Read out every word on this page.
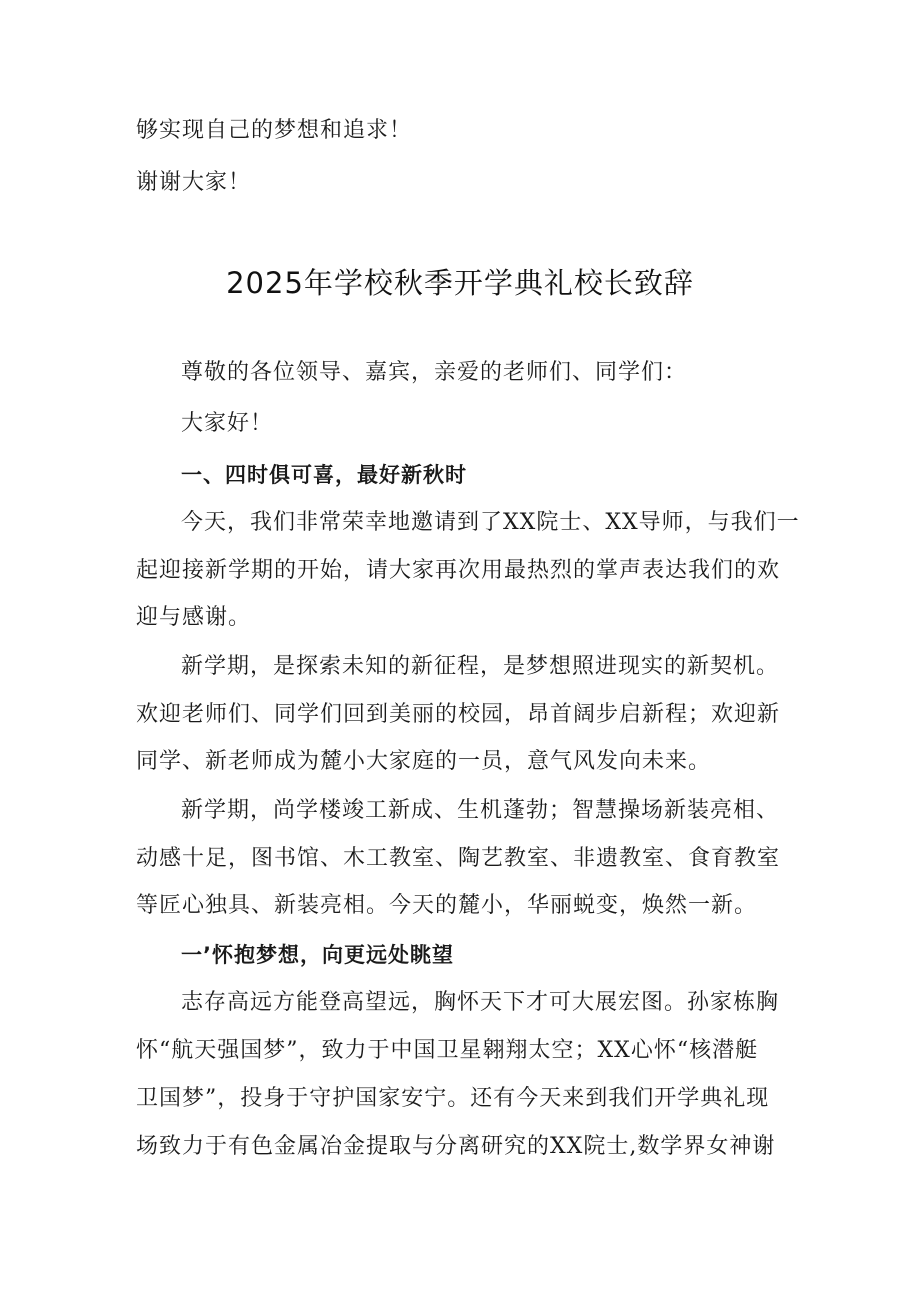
够实现自己的梦想和追求！
谢谢大家！
2025年学校秋季开学典礼校长致辞
尊敬的各位领导、嘉宾，亲爱的老师们、同学们：
大家好！
一、四时俱可喜，最好新秋时
今天，我们非常荣幸地邀请到了XX院士、XX导师，与我们一
起迎接新学期的开始，请大家再次用最热烈的掌声表达我们的欢
迎与感谢。
新学期，是探索未知的新征程，是梦想照进现实的新契机。
欢迎老师们、同学们回到美丽的校园，昂首阔步启新程；欢迎新
同学、新老师成为麓小大家庭的一员，意气风发向未来。
新学期，尚学楼竣工新成、生机蓬勃；智慧操场新装亮相、
动感十足，图书馆、木工教室、陶艺教室、非遗教室、食育教室
等匠心独具、新装亮相。今天的麓小，华丽蜕变，焕然一新。
一’怀抱梦想，向更远处眺望
志存高远方能登高望远，胸怀天下才可大展宏图。孙家栋胸
怀“航天强国梦”，致力于中国卫星翱翔太空；XX心怀“核潜艇
卫国梦”，投身于守护国家安宁。还有今天来到我们开学典礼现
场致力于有色金属冶金提取与分离研究的XX院士,数学界女神谢
